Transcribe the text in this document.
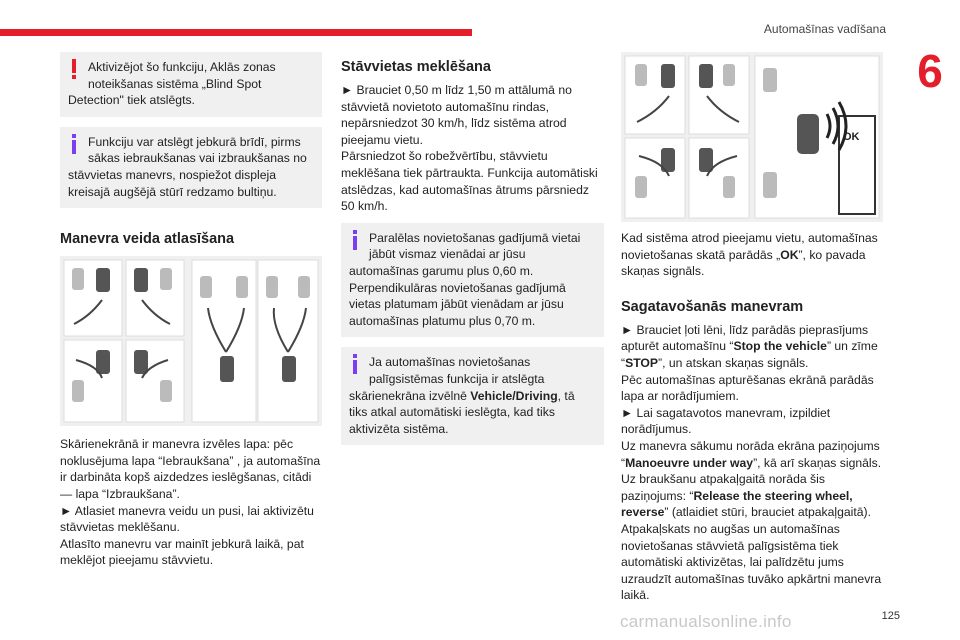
Automašīnas vadīšana
6
Aktivizējot šo funkciju, Aklās zonas
noteikšanas sistēma „Blind Spot Detection" tiek atslēgts.
Funkciju var atslēgt jebkurā brīdī, pirms
sākas iebraukšanas vai izbraukšanas no stāvvietas manevrs, nospiežot displeja kreisajā augšējā stūrī redzamo bultiņu.
Manevra veida atlasīšana

Skārienekrānā ir manevra izvēles lapa: pēc noklusējuma lapa “Iebraukšana” , ja automašīna ir darbināta kopš aizdedzes ieslēgšanas, citādi — lapa “Izbraukšana”.

► Atlasiet manevra veidu un pusi, lai aktivizētu stāvvietas meklēšanu.

Atlasīto manevru var mainīt jebkurā laikā, pat meklējot pieejamu stāvvietu.

Stāvvietas meklēšana

► Brauciet 0,50 m līdz 1,50 m attālumā no stāvvietā novietoto automašīnu rindas, nepārsniedzot 30 km/h, līdz sistēma atrod pieejamu vietu.

Pārsniedzot šo robežvērtību, stāvvietu meklēšana tiek pārtraukta. Funkcija automātiski atslēdzas, kad automašīnas ātrums pārsniedz 50 km/h.

Paralēlas novietošanas gadījumā vietai
jābūt vismaz vienādai ar jūsu automašīnas garumu plus 0,60 m. Perpendikulāras novietošanas gadījumā vietas platumam jābūt vienādam ar jūsu automašīnas platumu plus 0,70 m.
Ja automašīnas novietošanas
palīgsistēmas funkcija ir atslēgta skārienekrāna izvēlnē Vehicle/Driving, tā tiks atkal automātiski ieslēgta, kad tiks aktivizēta sistēma.
OK

Kad sistēma atrod pieejamu vietu, automašīnas novietošanas skatā parādās „OK”, ko pavada skaņas signāls.

Sagatavošanās manevram

► Brauciet ļoti lēni, līdz parādās pieprasījums apturēt automašīnu “Stop the vehicle” un zīme “STOP”, un atskan skaņas signāls.

Pēc automašīnas apturēšanas ekrānā parādās lapa ar norādījumiem.

► Lai sagatavotos manevram, izpildiet norādījumus.

Uz manevra sākumu norāda ekrāna paziņojums “Manoeuvre under way”, kā arī skaņas signāls. Uz braukšanu atpakaļgaitā norāda šis paziņojums: “Release the steering wheel, reverse” (atlaidiet stūri, brauciet atpakaļgaitā).

Atpakaļskats no augšas un automašīnas novietošanas stāvvietā palīgsistēma tiek automātiski aktivizētas, lai palīdzētu jums uzraudzīt automašīnas tuvāko apkārtni manevra laikā.

carmanualsonline.info	125
